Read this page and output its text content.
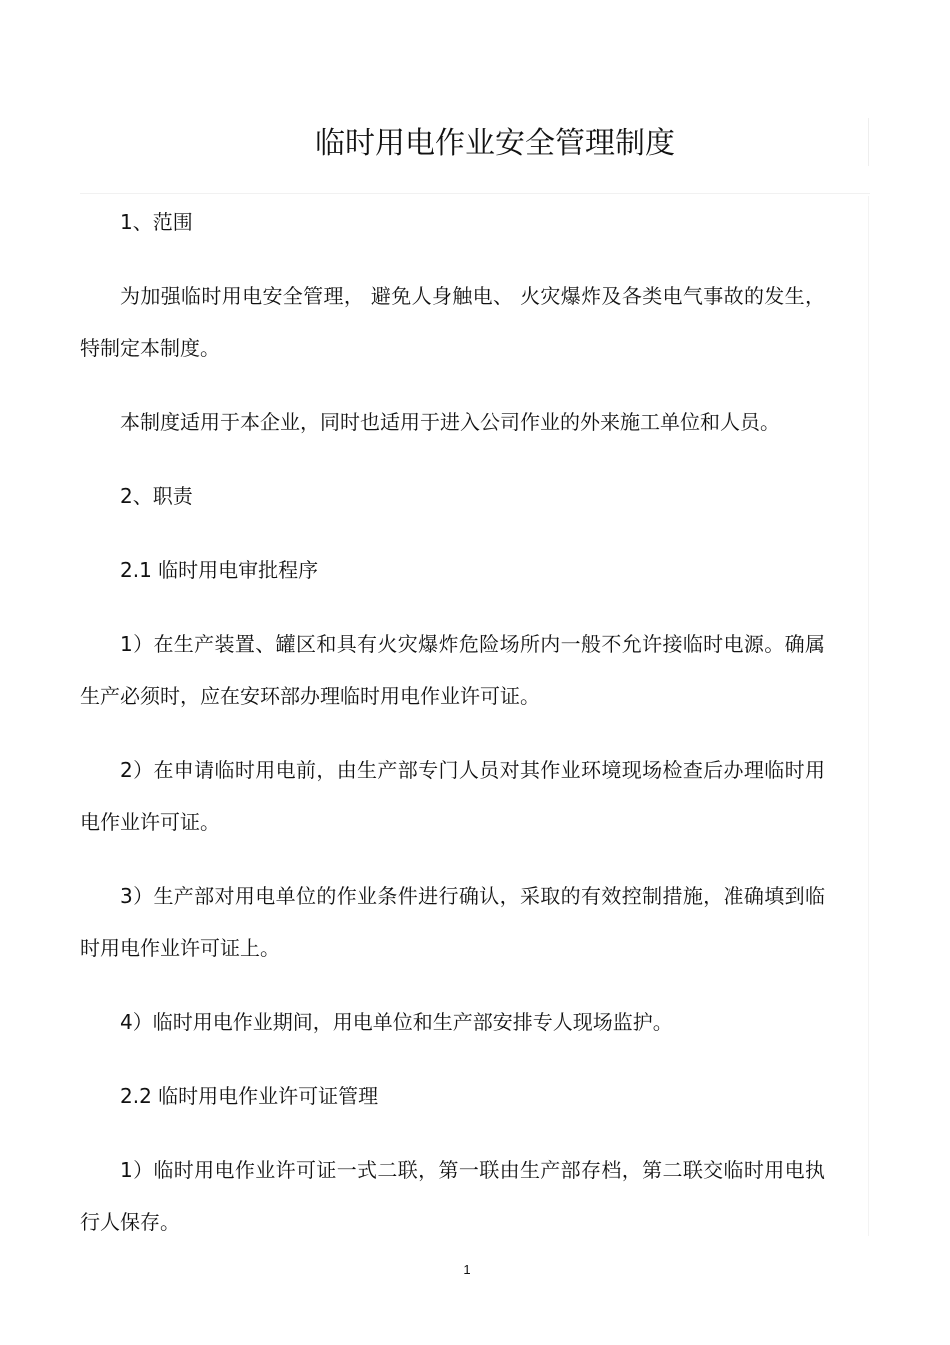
临时用电作业安全管理制度

1、范围

为加强临时用电安全管理， 避免人身触电、 火灾爆炸及各类电气事故的发生，特制定本制度。

本制度适用于本企业，同时也适用于进入公司作业的外来施工单位和人员。

2、职责

2.1 临时用电审批程序

1）在生产装置、罐区和具有火灾爆炸危险场所内一般不允许接临时电源。确属生产必须时，应在安环部办理临时用电作业许可证。

2）在申请临时用电前，由生产部专门人员对其作业环境现场检查后办理临时用电作业许可证。

3）生产部对用电单位的作业条件进行确认，采取的有效控制措施，准确填到临时用电作业许可证上。

4）临时用电作业期间，用电单位和生产部安排专人现场监护。

2.2 临时用电作业许可证管理

1）临时用电作业许可证一式二联，第一联由生产部存档，第二联交临时用电执行人保存。

1
